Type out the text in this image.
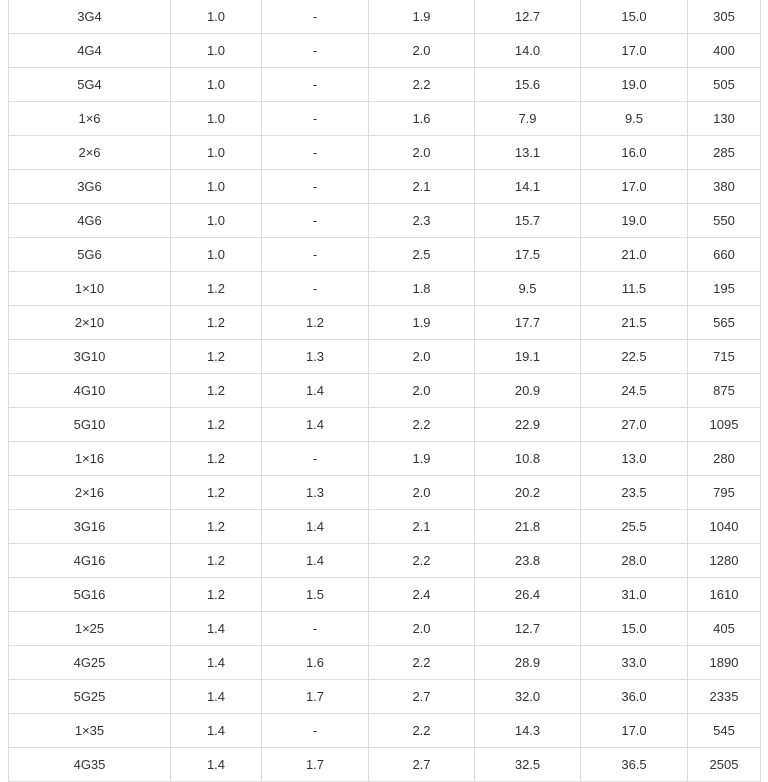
3G4	1.0	-	1.9	12.7	15.0	305
4G4	1.0	-	2.0	14.0	17.0	400
5G4	1.0	-	2.2	15.6	19.0	505
1×6	1.0	-	1.6	7.9	9.5	130
2×6	1.0	-	2.0	13.1	16.0	285
3G6	1.0	-	2.1	14.1	17.0	380
4G6	1.0	-	2.3	15.7	19.0	550
5G6	1.0	-	2.5	17.5	21.0	660
1×10	1.2	-	1.8	9.5	11.5	195
2×10	1.2	1.2	1.9	17.7	21.5	565
3G10	1.2	1.3	2.0	19.1	22.5	715
4G10	1.2	1.4	2.0	20.9	24.5	875
5G10	1.2	1.4	2.2	22.9	27.0	1095
1×16	1.2	-	1.9	10.8	13.0	280
2×16	1.2	1.3	2.0	20.2	23.5	795
3G16	1.2	1.4	2.1	21.8	25.5	1040
4G16	1.2	1.4	2.2	23.8	28.0	1280
5G16	1.2	1.5	2.4	26.4	31.0	1610
1×25	1.4	-	2.0	12.7	15.0	405
4G25	1.4	1.6	2.2	28.9	33.0	1890
5G25	1.4	1.7	2.7	32.0	36.0	2335
1×35	1.4	-	2.2	14.3	17.0	545
4G35	1.4	1.7	2.7	32.5	36.5	2505
